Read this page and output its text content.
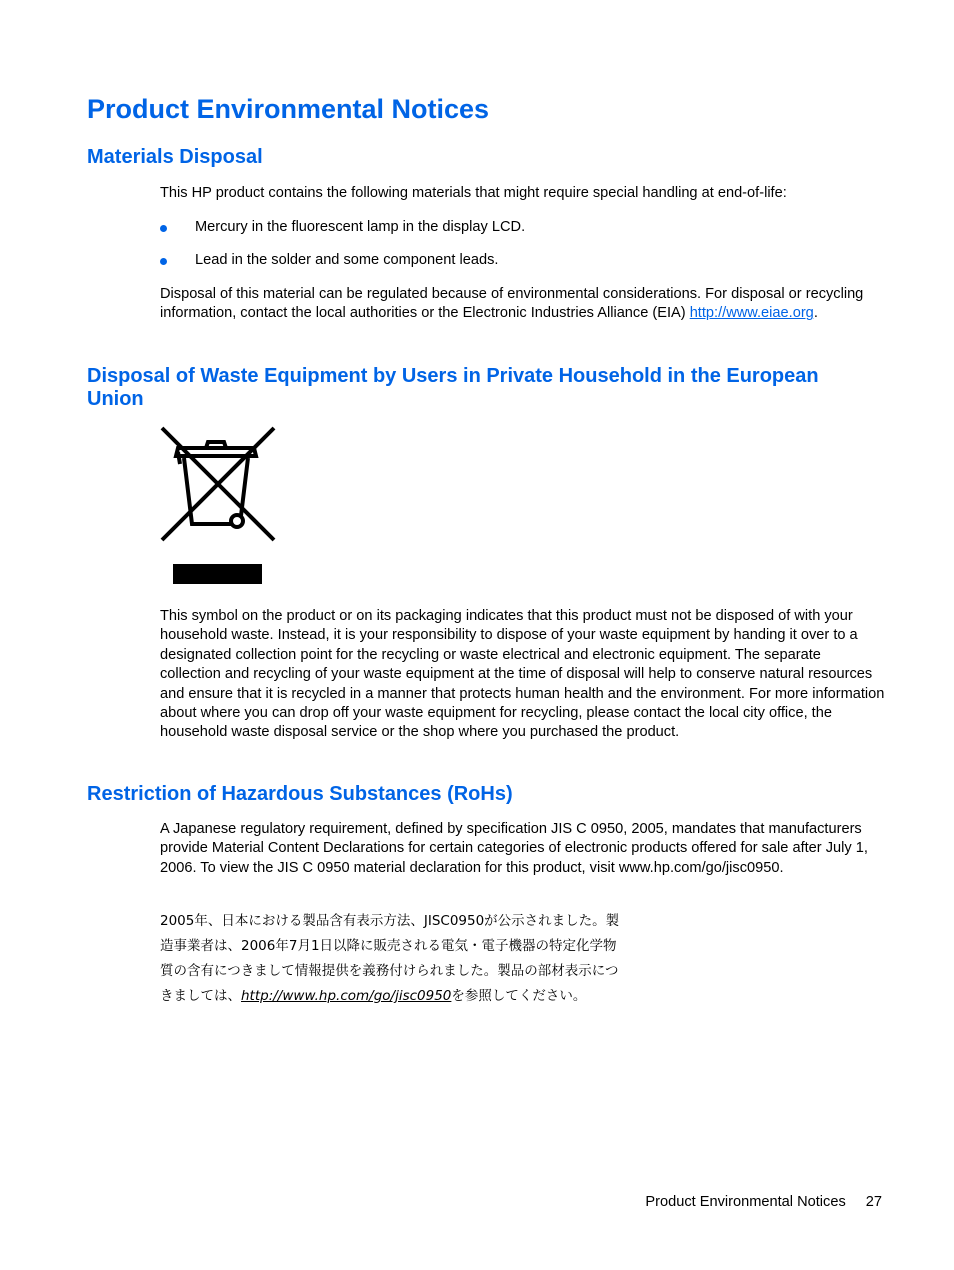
Product Environmental Notices
Materials Disposal

This HP product contains the following materials that might require special handling at end-of-life:

Mercury in the fluorescent lamp in the display LCD.
Lead in the solder and some component leads.

Disposal of this material can be regulated because of environmental considerations. For disposal or recycling information, contact the local authorities or the Electronic Industries Alliance (EIA) http://www.eiae.org.

Disposal of Waste Equipment by Users in Private Household in the European Union

This symbol on the product or on its packaging indicates that this product must not be disposed of with your household waste. Instead, it is your responsibility to dispose of your waste equipment by handing it over to a designated collection point for the recycling or waste electrical and electronic equipment. The separate collection and recycling of your waste equipment at the time of disposal will help to conserve natural resources and ensure that it is recycled in a manner that protects human health and the environment. For more information about where you can drop off your waste equipment for recycling, please contact the local city office, the household waste disposal service or the shop where you purchased the product.

Restriction of Hazardous Substances (RoHs)

A Japanese regulatory requirement, defined by specification JIS C 0950, 2005, mandates that manufacturers provide Material Content Declarations for certain categories of electronic products offered for sale after July 1, 2006. To view the JIS C 0950 material declaration for this product, visit www.hp.com/go/jisc0950.

2005年、日本における製品含有表示方法、JISC0950が公示されました。製
造事業者は、2006年7月1日以降に販売される電気・電子機器の特定化学物
質の含有につきまして情報提供を義務付けられました。製品の部材表示につ
きましては、http://www.hp.com/go/jisc0950を参照してください。
Product Environmental Notices 27
